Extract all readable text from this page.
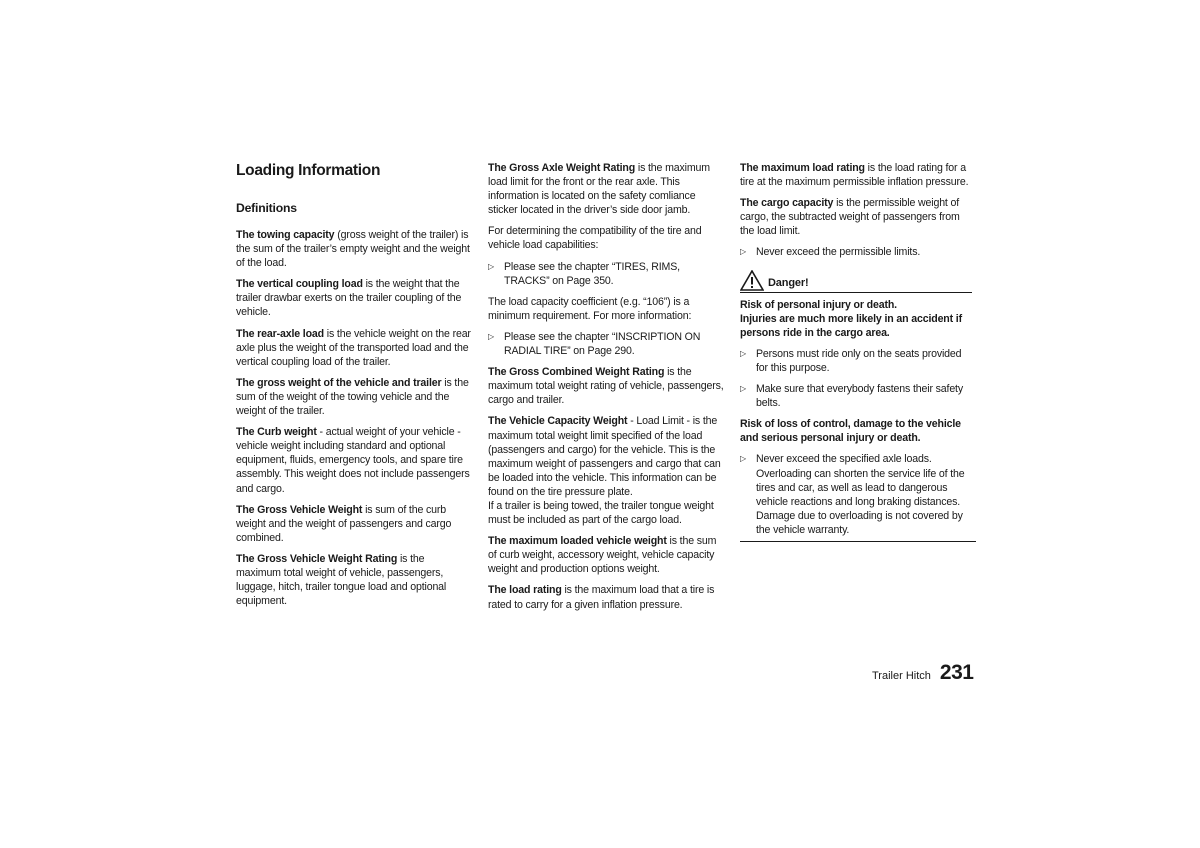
Loading Information
Definitions

The towing capacity (gross weight of the trailer) is the sum of the trailer’s empty weight and the weight of the load.

The vertical coupling load is the weight that the trailer drawbar exerts on the trailer coupling of the vehicle.

The rear-axle load is the vehicle weight on the rear axle plus the weight of the transported load and the vertical coupling load of the trailer.

The gross weight of the vehicle and trailer is the sum of the weight of the towing vehicle and the weight of the trailer.

The Curb weight - actual weight of your vehicle - vehicle weight including standard and optional equipment, fluids, emergency tools, and spare tire assembly. This weight does not include passengers and cargo.

The Gross Vehicle Weight is sum of the curb weight and the weight of passengers and cargo combined.

The Gross Vehicle Weight Rating is the maximum total weight of vehicle, passengers, luggage, hitch, trailer tongue load and optional equipment.

The Gross Axle Weight Rating is the maximum load limit for the front or the rear axle. This information is located on the safety comliance sticker located in the driver’s side door jamb.

For determining the compatibility of the tire and vehicle load capabilities:

▷ Please see the chapter “TIRES, RIMS, TRACKS” on Page 350.

The load capacity coefficient (e.g. “106”) is a minimum requirement. For more information:

▷ Please see the chapter “INSCRIPTION ON RADIAL TIRE” on Page 290.

The Gross Combined Weight Rating is the maximum total weight rating of vehicle, passengers, cargo and trailer.

The Vehicle Capacity Weight - Load Limit - is the maximum total weight limit specified of the load (passengers and cargo) for the vehicle. This is the maximum weight of passengers and cargo that can be loaded into the vehicle. This information can be found on the tire pressure plate.

If a trailer is being towed, the trailer tongue weight must be included as part of the cargo load.

The maximum loaded vehicle weight is the sum of curb weight, accessory weight, vehicle capacity weight and production options weight.

The load rating is the maximum load that a tire is rated to carry for a given inflation pressure.

The maximum load rating is the load rating for a tire at the maximum permissible inflation pressure.

The cargo capacity is the permissible weight of cargo, the subtracted weight of passengers from the load limit.

▷ Never exceed the permissible limits.
Danger!
Risk of personal injury or death.
Injuries are much more likely in an accident if persons ride in the cargo area.
▷ Persons must ride only on the seats provided for this purpose.
▷ Make sure that everybody fastens their safety belts.
Risk of loss of control, damage to the vehicle and serious personal injury or death.
▷ Never exceed the specified axle loads. Overloading can shorten the service life of the tires and car, as well as lead to dangerous vehicle reactions and long braking distances. Damage due to overloading is not covered by the vehicle warranty.
Trailer Hitch 231
